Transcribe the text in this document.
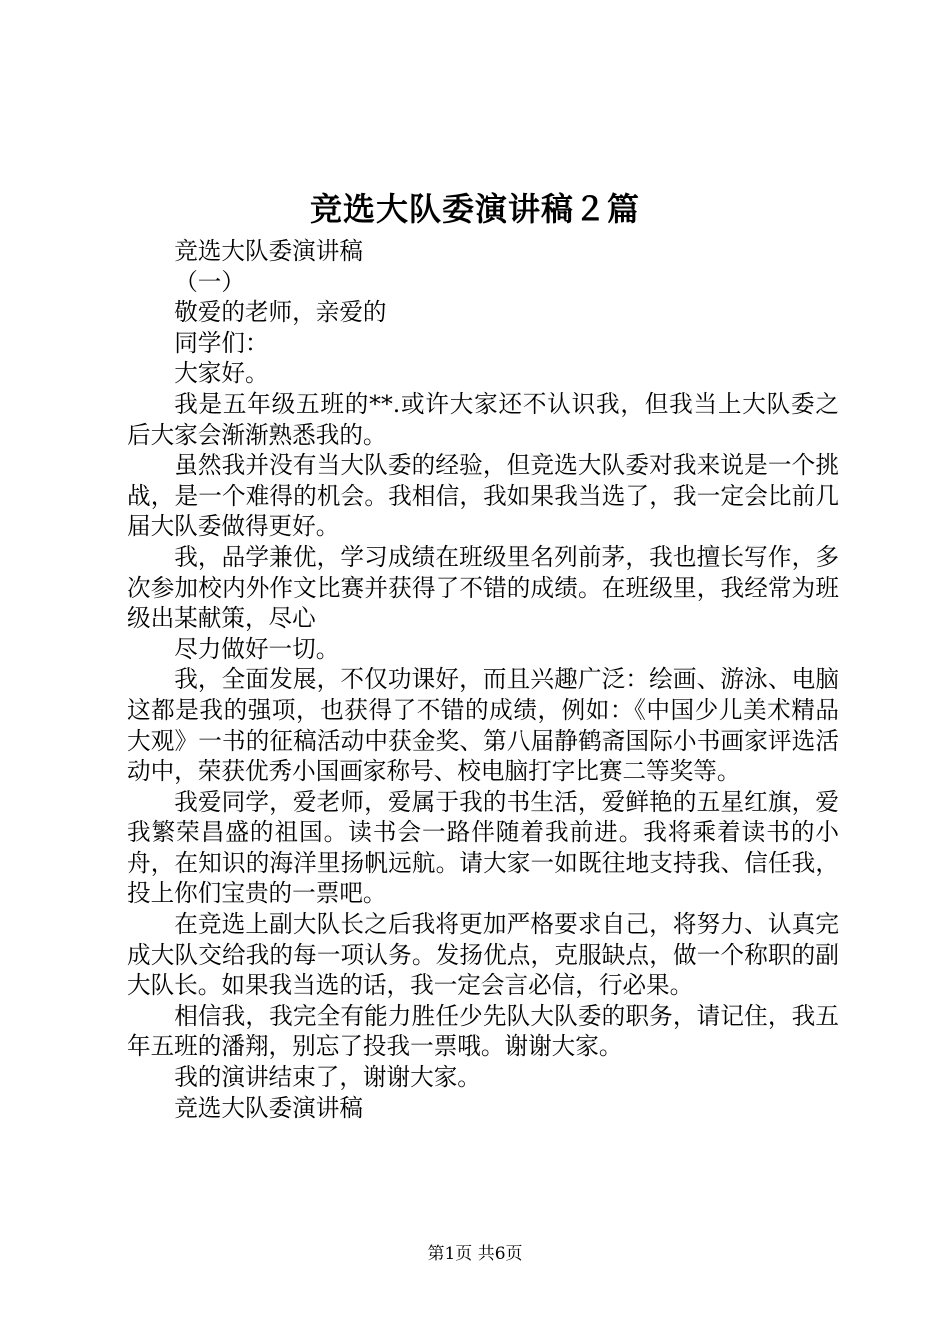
竞选大队委演讲稿２篇

竞选大队委演讲稿

（一）

敬爱的老师，亲爱的

同学们：

大家好。

我是五年级五班的**.或许大家还不认识我，但我当上大队委之后大家会渐渐熟悉我的。

虽然我并没有当大队委的经验，但竞选大队委对我来说是一个挑战，是一个难得的机会。我相信，我如果我当选了，我一定会比前几届大队委做得更好。

我，品学兼优，学习成绩在班级里名列前茅，我也擅长写作，多次参加校内外作文比赛并获得了不错的成绩。在班级里，我经常为班级出某献策，尽心

尽力做好一切。

我，全面发展，不仅功课好，而且兴趣广泛：绘画、游泳、电脑这都是我的强项，也获得了不错的成绩，例如：《中国少儿美术精品大观》一书的征稿活动中获金奖、第八届静鹤斋国际小书画家评选活动中，荣获优秀小国画家称号、校电脑打字比赛二等奖等。

我爱同学，爱老师，爱属于我的书生活，爱鲜艳的五星红旗，爱我繁荣昌盛的祖国。读书会一路伴随着我前进。我将乘着读书的小舟，在知识的海洋里扬帆远航。请大家一如既往地支持我、信任我，投上你们宝贵的一票吧。

在竞选上副大队长之后我将更加严格要求自己，将努力、认真完成大队交给我的每一项认务。发扬优点，克服缺点，做一个称职的副大队长。如果我当选的话，我一定会言必信，行必果。

相信我，我完全有能力胜任少先队大队委的职务，请记住，我五年五班的潘翔，别忘了投我一票哦。谢谢大家。

我的演讲结束了，谢谢大家。

竞选大队委演讲稿

第1页 共6页
